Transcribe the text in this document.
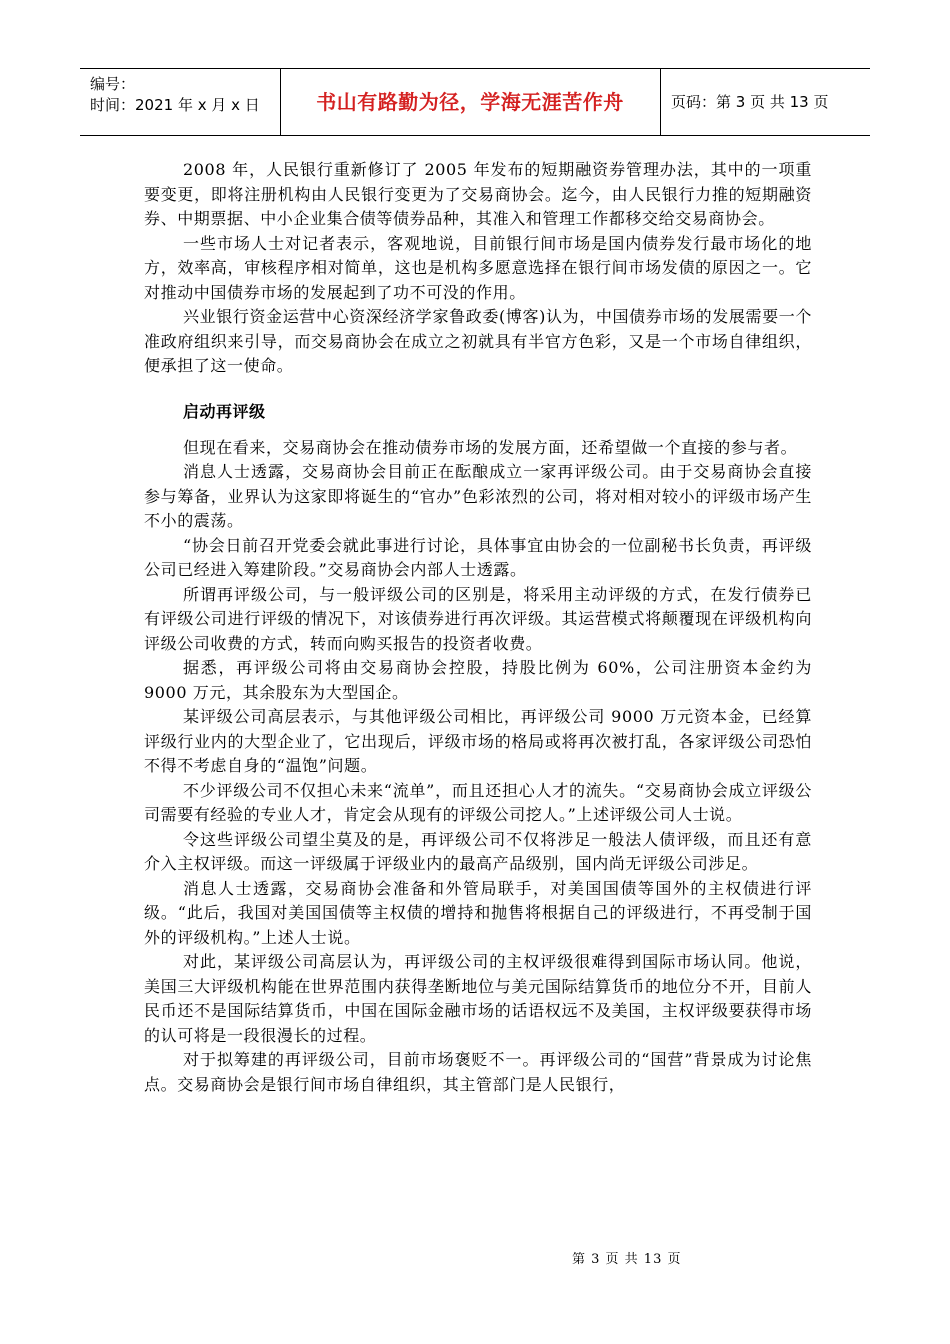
编号：
时间：2021 年 x 月 x 日	书山有路勤为径，学海无涯苦作舟	页码：第 3 页 共 13 页

2008 年，人民银行重新修订了 2005 年发布的短期融资券管理办法，其中的一项重要变更，即将注册机构由人民银行变更为了交易商协会。迄今，由人民银行力推的短期融资券、中期票据、中小企业集合债等债券品种，其准入和管理工作都移交给交易商协会。

一些市场人士对记者表示，客观地说，目前银行间市场是国内债券发行最市场化的地方，效率高，审核程序相对简单，这也是机构多愿意选择在银行间市场发债的原因之一。它对推动中国债券市场的发展起到了功不可没的作用。

兴业银行资金运营中心资深经济学家鲁政委(博客)认为，中国债券市场的发展需要一个准政府组织来引导，而交易商协会在成立之初就具有半官方色彩，又是一个市场自律组织，便承担了这一使命。

启动再评级

但现在看来，交易商协会在推动债券市场的发展方面，还希望做一个直接的参与者。

消息人士透露，交易商协会目前正在酝酿成立一家再评级公司。由于交易商协会直接参与筹备，业界认为这家即将诞生的“官办”色彩浓烈的公司，将对相对较小的评级市场产生不小的震荡。

“协会日前召开党委会就此事进行讨论，具体事宜由协会的一位副秘书长负责，再评级公司已经进入筹建阶段。”交易商协会内部人士透露。

所谓再评级公司，与一般评级公司的区别是，将采用主动评级的方式，在发行债券已有评级公司进行评级的情况下，对该债券进行再次评级。其运营模式将颠覆现在评级机构向评级公司收费的方式，转而向购买报告的投资者收费。

据悉，再评级公司将由交易商协会控股，持股比例为 60%，公司注册资本金约为 9000 万元，其余股东为大型国企。

某评级公司高层表示，与其他评级公司相比，再评级公司 9000 万元资本金，已经算评级行业内的大型企业了，它出现后，评级市场的格局或将再次被打乱，各家评级公司恐怕不得不考虑自身的“温饱”问题。

不少评级公司不仅担心未来“流单”，而且还担心人才的流失。“交易商协会成立评级公司需要有经验的专业人才，肯定会从现有的评级公司挖人。”上述评级公司人士说。

令这些评级公司望尘莫及的是，再评级公司不仅将涉足一般法人债评级，而且还有意介入主权评级。而这一评级属于评级业内的最高产品级别，国内尚无评级公司涉足。

消息人士透露，交易商协会准备和外管局联手，对美国国债等国外的主权债进行评级。“此后，我国对美国国债等主权债的增持和抛售将根据自己的评级进行，不再受制于国外的评级机构。”上述人士说。

对此，某评级公司高层认为，再评级公司的主权评级很难得到国际市场认同。他说，美国三大评级机构能在世界范围内获得垄断地位与美元国际结算货币的地位分不开，目前人民币还不是国际结算货币，中国在国际金融市场的话语权远不及美国，主权评级要获得市场的认可将是一段很漫长的过程。

对于拟筹建的再评级公司，目前市场褒贬不一。再评级公司的“国营”背景成为讨论焦点。交易商协会是银行间市场自律组织，其主管部门是人民银行，

第 3 页 共 13 页
